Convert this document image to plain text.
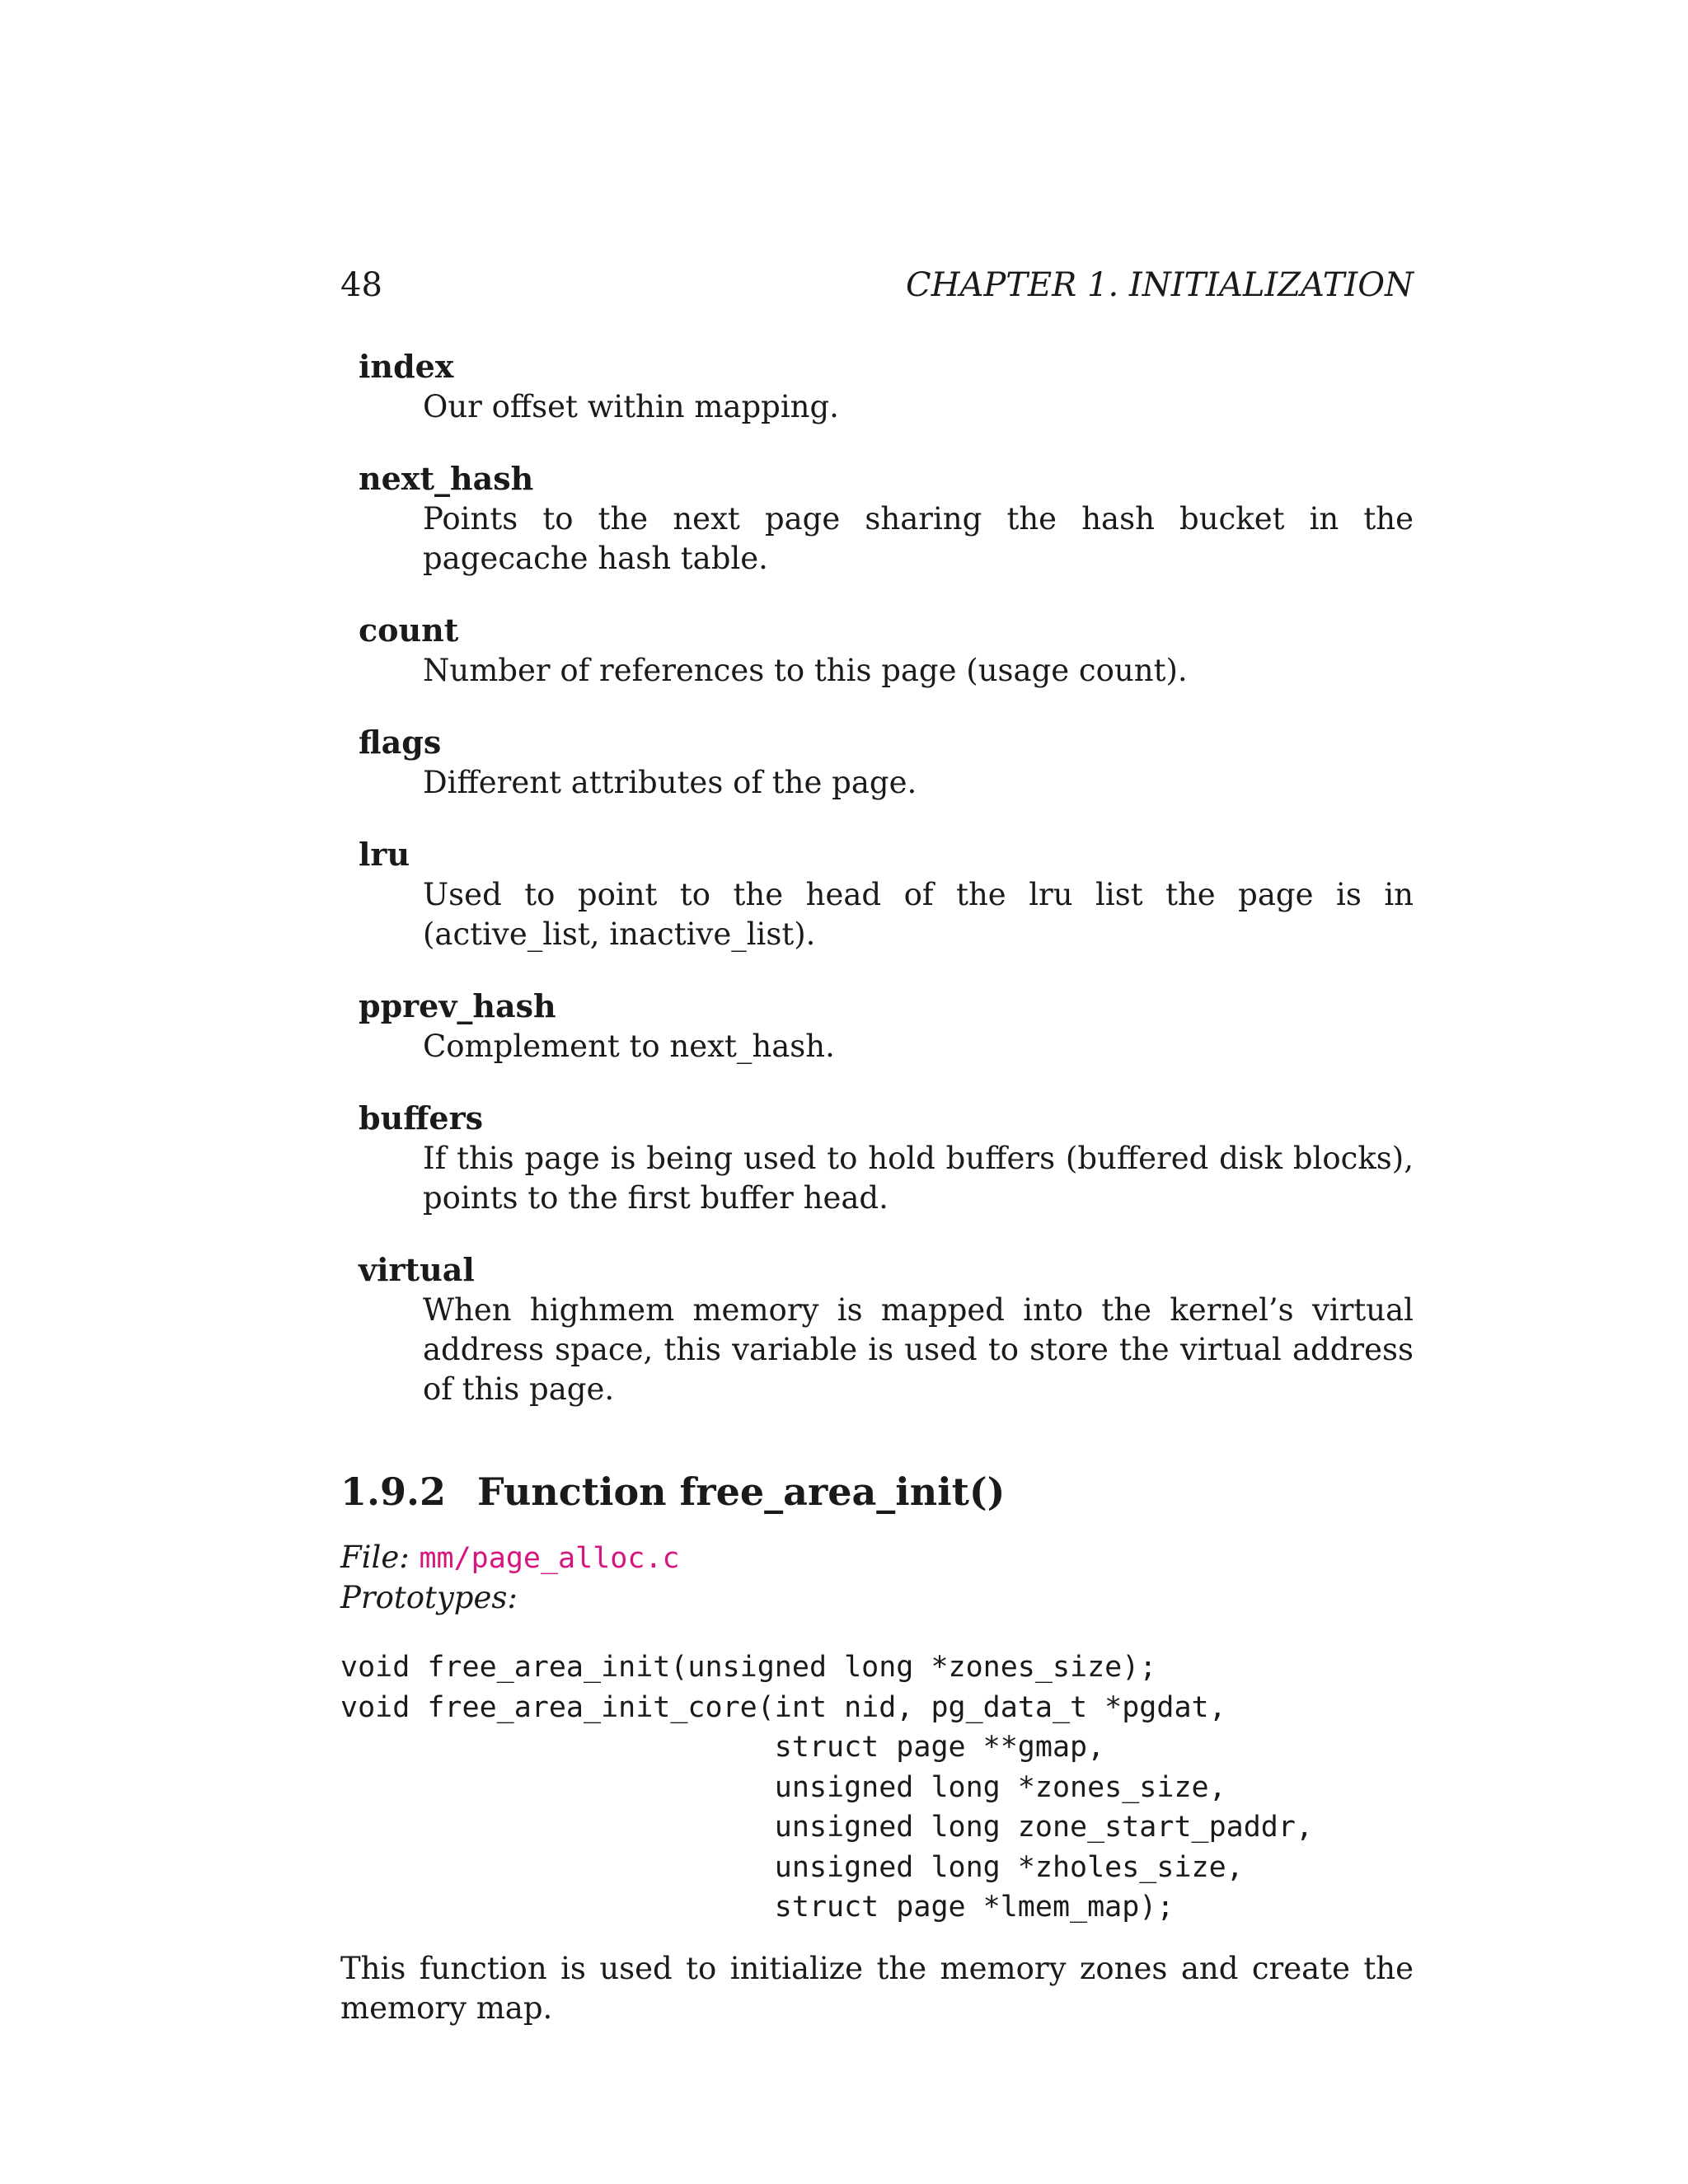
48	CHAPTER 1. INITIALIZATION
index
Our offset within mapping.
next_hash
Points to the next page sharing the hash bucket in the pagecache hash table.
count
Number of references to this page (usage count).
flags
Different attributes of the page.
lru
Used to point to the head of the lru list the page is in (active_list, inactive_list).
pprev_hash
Complement to next_hash.
buffers
If this page is being used to hold buffers (buffered disk blocks), points to the first buffer head.
virtual
When highmem memory is mapped into the kernel’s virtual address space, this variable is used to store the virtual address of this page.
1.9.2 Function free_area_init()
File: mm/page_alloc.c
Prototypes:
void free_area_init(unsigned long *zones_size);
void free_area_init_core(int nid, pg_data_t *pgdat,
struct page **gmap,
unsigned long *zones_size,
unsigned long zone_start_paddr,
unsigned long *zholes_size,
struct page *lmem_map);

This function is used to initialize the memory zones and create the memory map.
